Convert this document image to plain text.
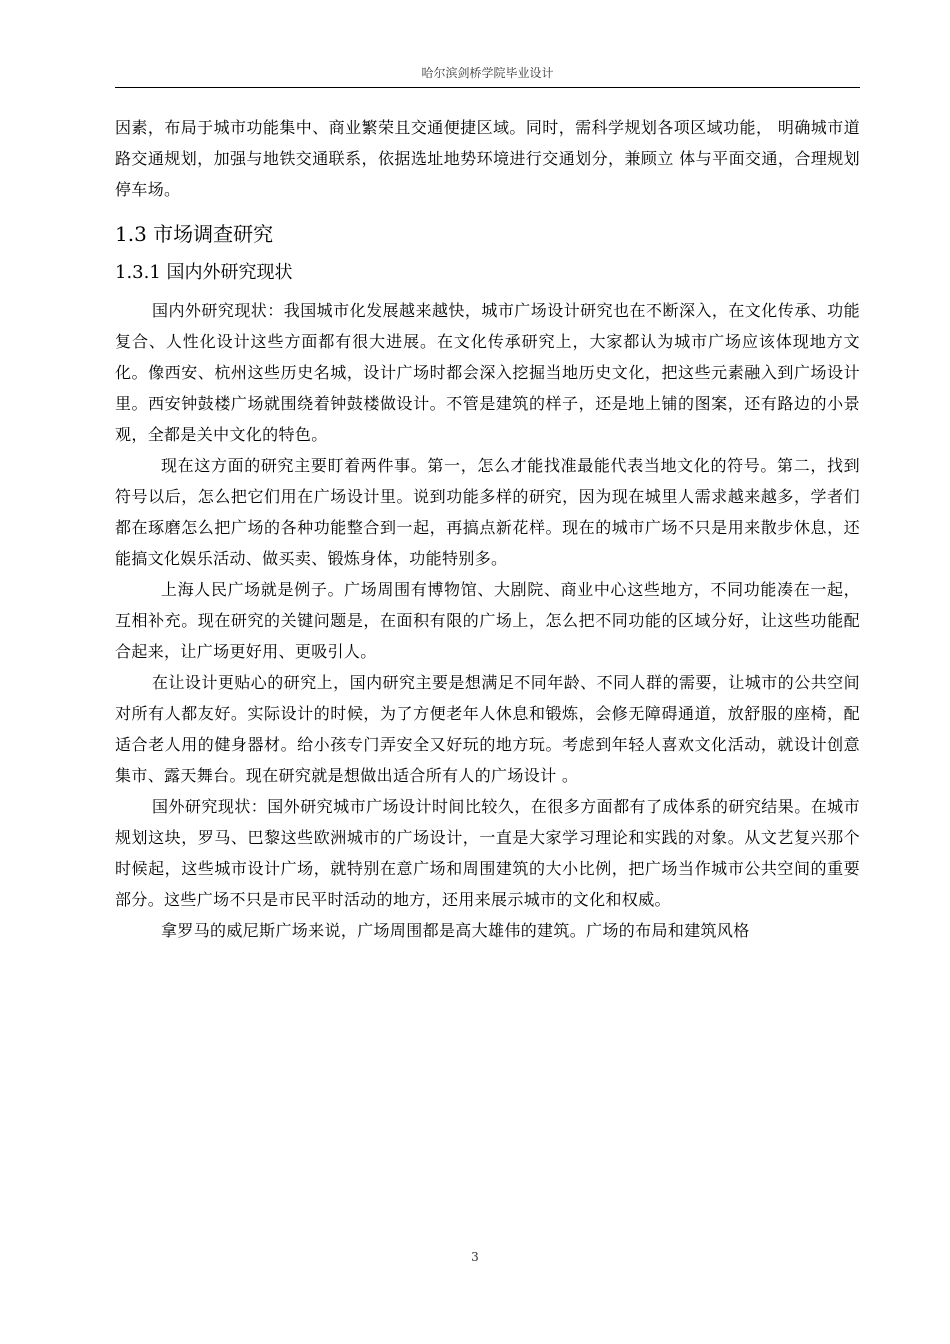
哈尔滨剑桥学院毕业设计

因素，布局于城市功能集中、商业繁荣且交通便捷区域。同时，需科学规划各项区域功能， 明确城市道路交通规划，加强与地铁交通联系，依据选址地势环境进行交通划分，兼顾立 体与平面交通，合理规划停车场。

1.3 市场调查研究
1.3.1 国内外研究现状

国内外研究现状：我国城市化发展越来越快，城市广场设计研究也在不断深入，在文化传承、功能复合、人性化设计这些方面都有很大进展。在文化传承研究上，大家都认为城市广场应该体现地方文化。像西安、杭州这些历史名城，设计广场时都会深入挖掘当地历史文化，把这些元素融入到广场设计里。西安钟鼓楼广场就围绕着钟鼓楼做设计。不管是建筑的样子，还是地上铺的图案，还有路边的小景观，全都是关中文化的特色。

现在这方面的研究主要盯着两件事。第一，怎么才能找准最能代表当地文化的符号。第二，找到符号以后，怎么把它们用在广场设计里。说到功能多样的研究，因为现在城里人需求越来越多，学者们都在琢磨怎么把广场的各种功能整合到一起，再搞点新花样。现在的城市广场不只是用来散步休息，还能搞文化娱乐活动、做买卖、锻炼身体，功能特别多。

上海人民广场就是例子。广场周围有博物馆、大剧院、商业中心这些地方，不同功能凑在一起，互相补充。现在研究的关键问题是，在面积有限的广场上，怎么把不同功能的区域分好，让这些功能配合起来，让广场更好用、更吸引人。

在让设计更贴心的研究上，国内研究主要是想满足不同年龄、不同人群的需要，让城市的公共空间对所有人都友好。实际设计的时候，为了方便老年人休息和锻炼，会修无障碍通道，放舒服的座椅，配适合老人用的健身器材。给小孩专门弄安全又好玩的地方玩。考虑到年轻人喜欢文化活动，就设计创意集市、露天舞台。现在研究就是想做出适合所有人的广场设计 。

国外研究现状：国外研究城市广场设计时间比较久，在很多方面都有了成体系的研究结果。在城市规划这块，罗马、巴黎这些欧洲城市的广场设计，一直是大家学习理论和实践的对象。从文艺复兴那个时候起，这些城市设计广场，就特别在意广场和周围建筑的大小比例，把广场当作城市公共空间的重要部分。这些广场不只是市民平时活动的地方，还用来展示城市的文化和权威。

拿罗马的威尼斯广场来说，广场周围都是高大雄伟的建筑。广场的布局和建筑风格

3
